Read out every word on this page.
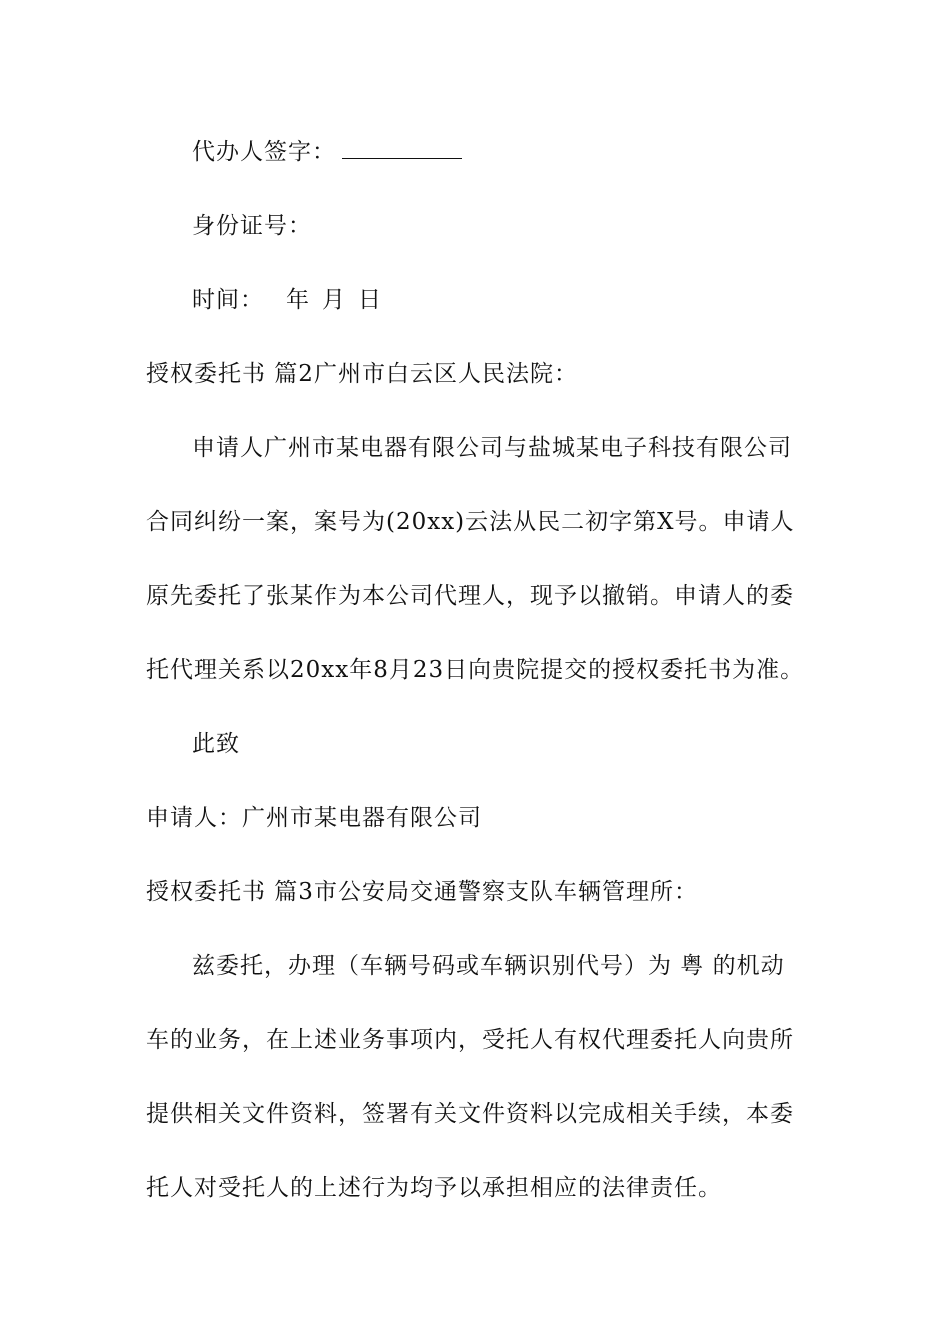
代办人签字：
身份证号：
时间： 年 月 日
授权委托书 篇2广州市白云区人民法院：
申请人广州市某电器有限公司与盐城某电子科技有限公司
合同纠纷一案，案号为(20xx)云法从民二初字第X号。申请人
原先委托了张某作为本公司代理人，现予以撤销。申请人的委
托代理关系以20xx年8月23日向贵院提交的授权委托书为准。
此致
申请人：广州市某电器有限公司
授权委托书 篇3市公安局交通警察支队车辆管理所：
兹委托，办理（车辆号码或车辆识别代号）为 粤 的机动
车的业务，在上述业务事项内，受托人有权代理委托人向贵所
提供相关文件资料，签署有关文件资料以完成相关手续，本委
托人对受托人的上述行为均予以承担相应的法律责任。
